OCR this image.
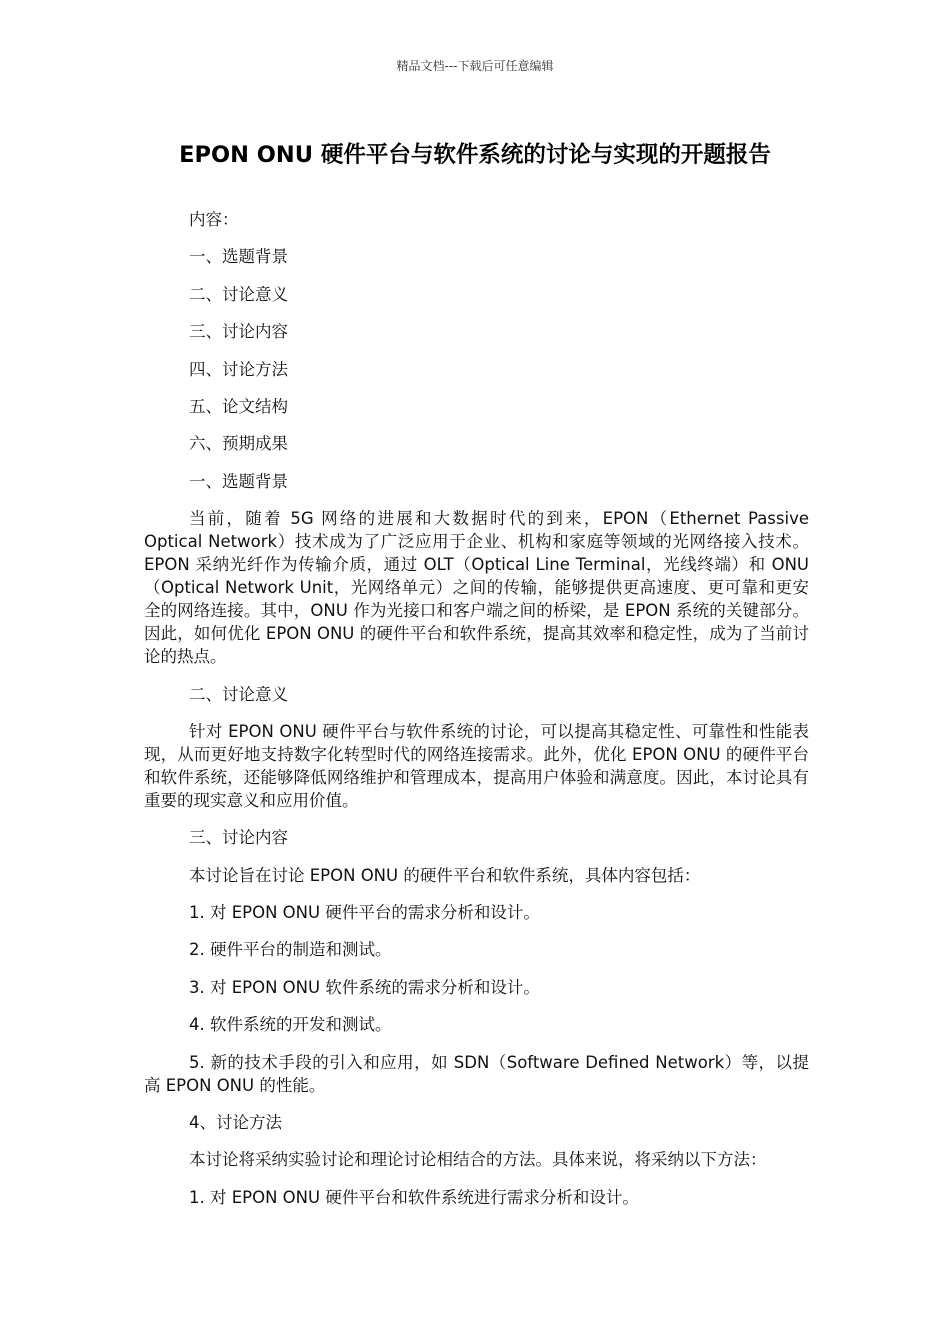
精品文档---下载后可任意编辑
EPON ONU 硬件平台与软件系统的讨论与实现的开题报告

内容：

一、选题背景

二、讨论意义

三、讨论内容

四、讨论方法

五、论文结构

六、预期成果

一、选题背景

当前，随着 5G 网络的进展和大数据时代的到来，EPON（Ethernet Passive Optical Network）技术成为了广泛应用于企业、机构和家庭等领域的光网络接入技术。EPON 采纳光纤作为传输介质，通过 OLT（Optical Line Terminal，光线终端）和 ONU（Optical Network Unit，光网络单元）之间的传输，能够提供更高速度、更可靠和更安全的网络连接。其中，ONU 作为光接口和客户端之间的桥梁，是 EPON 系统的关键部分。因此，如何优化 EPON ONU 的硬件平台和软件系统，提高其效率和稳定性，成为了当前讨论的热点。

二、讨论意义

针对 EPON ONU 硬件平台与软件系统的讨论，可以提高其稳定性、可靠性和性能表现，从而更好地支持数字化转型时代的网络连接需求。此外，优化 EPON ONU 的硬件平台和软件系统，还能够降低网络维护和管理成本，提高用户体验和满意度。因此，本讨论具有重要的现实意义和应用价值。

三、讨论内容

本讨论旨在讨论 EPON ONU 的硬件平台和软件系统，具体内容包括：

1. 对 EPON ONU 硬件平台的需求分析和设计。

2. 硬件平台的制造和测试。

3. 对 EPON ONU 软件系统的需求分析和设计。

4. 软件系统的开发和测试。

5. 新的技术手段的引入和应用，如 SDN（Software Defined Network）等，以提高 EPON ONU 的性能。

4、讨论方法

本讨论将采纳实验讨论和理论讨论相结合的方法。具体来说，将采纳以下方法：

1. 对 EPON ONU 硬件平台和软件系统进行需求分析和设计。
